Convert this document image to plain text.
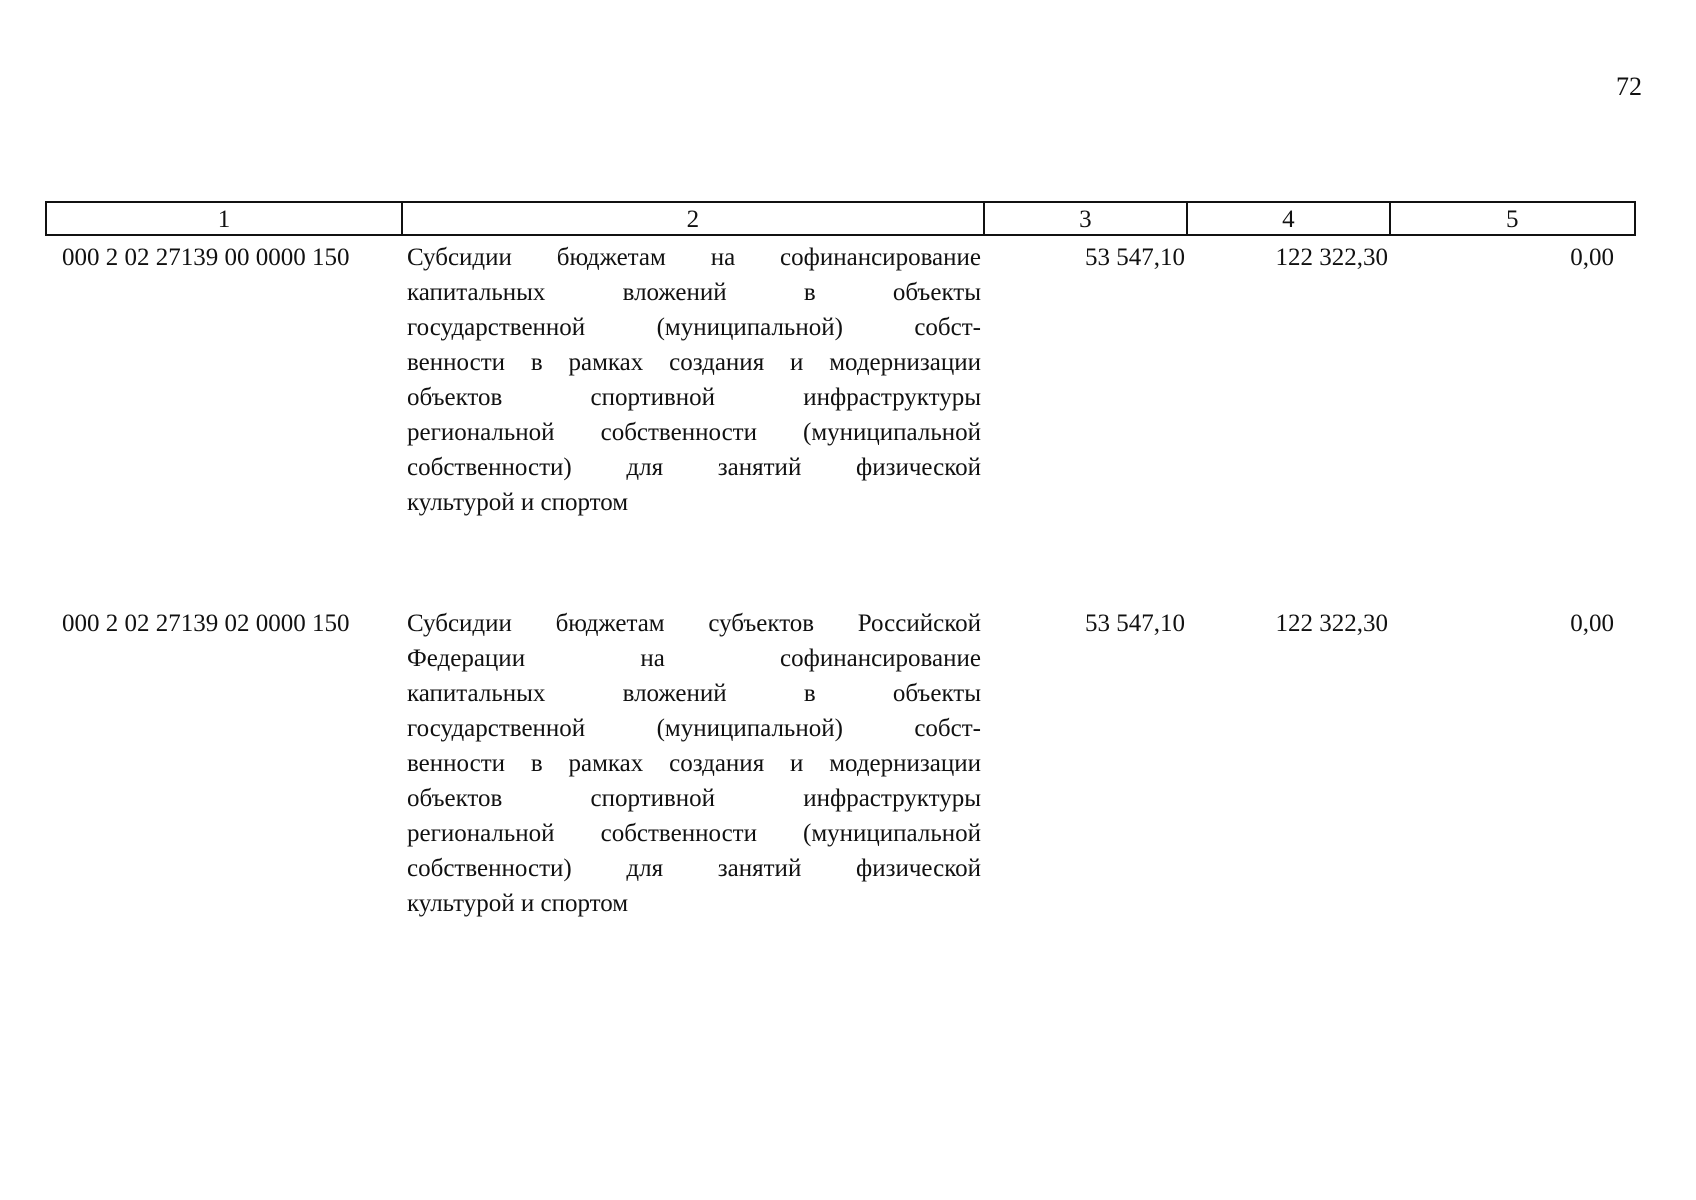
72
1	2	3	4	5
000 2 02 27139 00 0000 150 Субсидии бюджетам на софинансирование
капитальных вложений в объекты
государственной (муниципальной) собст-
венности в рамках создания и модернизации
объектов спортивной инфраструктуры
региональной собственности (муниципальной
собственности) для занятий физической
культурой и спортом
53 547,10	122 322,30	0,00
000 2 02 27139 02 0000 150 Субсидии бюджетам субъектов Российской
Федерации на софинансирование
капитальных вложений в объекты
государственной (муниципальной) собст-
венности в рамках создания и модернизации
объектов спортивной инфраструктуры
региональной собственности (муниципальной
собственности) для занятий физической
культурой и спортом
53 547,10	122 322,30	0,00
